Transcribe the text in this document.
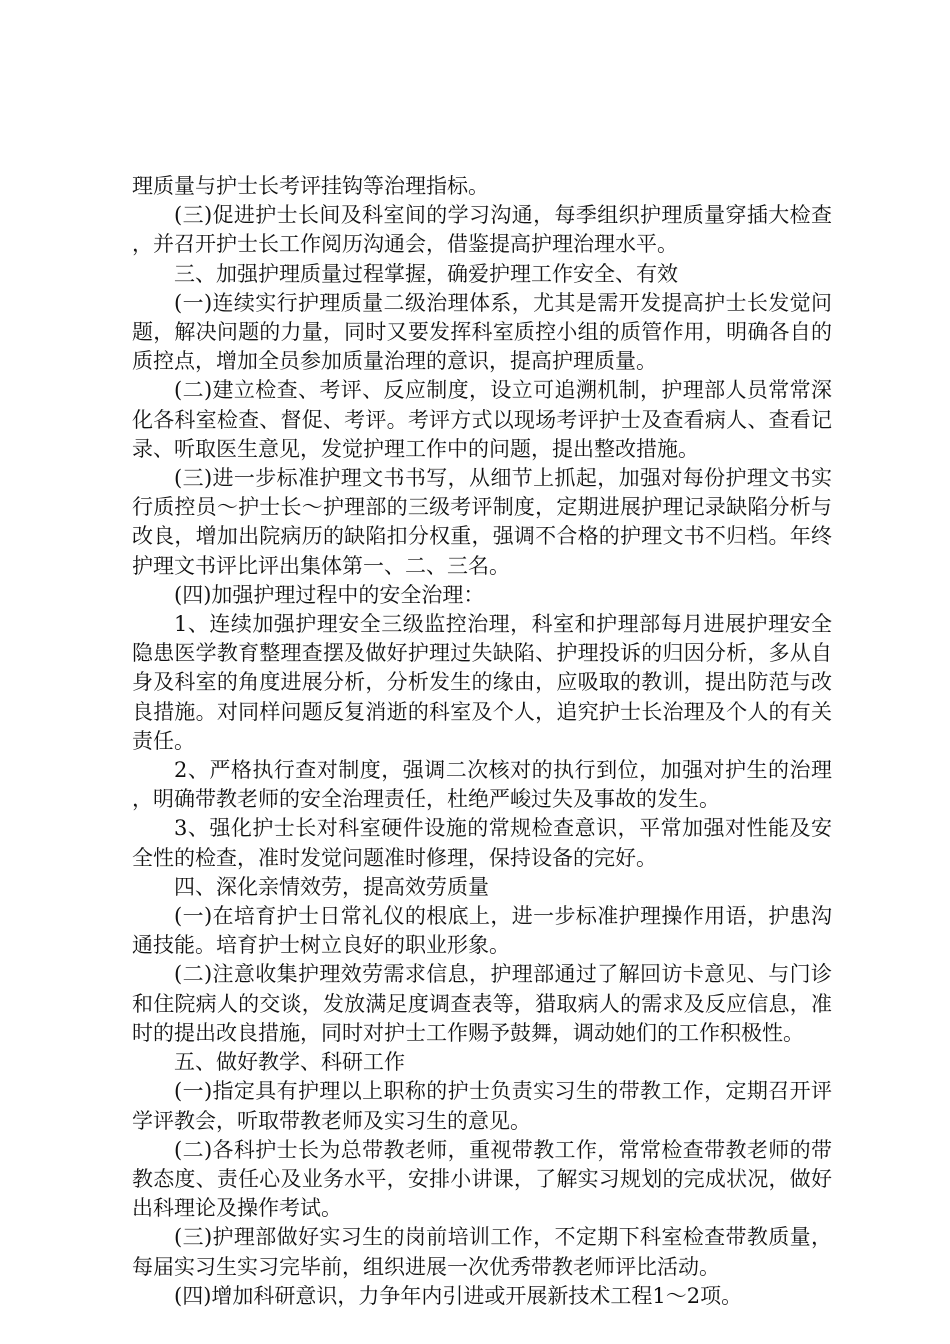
理质量与护士长考评挂钩等治理指标。

(三)促进护士长间及科室间的学习沟通，每季组织护理质量穿插大检查，并召开护士长工作阅历沟通会，借鉴提高护理治理水平。

三、加强护理质量过程掌握，确爱护理工作安全、有效

(一)连续实行护理质量二级治理体系，尤其是需开发提高护士长发觉问题，解决问题的力量，同时又要发挥科室质控小组的质管作用，明确各自的质控点，增加全员参加质量治理的意识，提高护理质量。

(二)建立检查、考评、反应制度，设立可追溯机制，护理部人员常常深化各科室检查、督促、考评。考评方式以现场考评护士及查看病人、查看记录、听取医生意见，发觉护理工作中的问题，提出整改措施。

(三)进一步标准护理文书书写，从细节上抓起，加强对每份护理文书实行质控员～护士长～护理部的三级考评制度，定期进展护理记录缺陷分析与改良，增加出院病历的缺陷扣分权重，强调不合格的护理文书不归档。年终护理文书评比评出集体第一、二、三名。

(四)加强护理过程中的安全治理：

1、连续加强护理安全三级监控治理，科室和护理部每月进展护理安全隐患医学教育整理查摆及做好护理过失缺陷、护理投诉的归因分析，多从自身及科室的角度进展分析，分析发生的缘由，应吸取的教训，提出防范与改良措施。对同样问题反复消逝的科室及个人，追究护士长治理及个人的有关责任。

2、严格执行查对制度，强调二次核对的执行到位，加强对护生的治理，明确带教老师的安全治理责任，杜绝严峻过失及事故的发生。

3、强化护士长对科室硬件设施的常规检查意识，平常加强对性能及安全性的检查，准时发觉问题准时修理，保持设备的完好。

四、深化亲情效劳，提高效劳质量

(一)在培育护士日常礼仪的根底上，进一步标准护理操作用语，护患沟通技能。培育护士树立良好的职业形象。

(二)注意收集护理效劳需求信息，护理部通过了解回访卡意见、与门诊和住院病人的交谈，发放满足度调查表等，猎取病人的需求及反应信息，准时的提出改良措施，同时对护士工作赐予鼓舞，调动她们的工作积极性。

五、做好教学、科研工作

(一)指定具有护理以上职称的护士负责实习生的带教工作，定期召开评学评教会，听取带教老师及实习生的意见。

(二)各科护士长为总带教老师，重视带教工作，常常检查带教老师的带教态度、责任心及业务水平，安排小讲课，了解实习规划的完成状况，做好出科理论及操作考试。

(三)护理部做好实习生的岗前培训工作，不定期下科室检查带教质量，每届实习生实习完毕前，组织进展一次优秀带教老师评比活动。

(四)增加科研意识，力争年内引进或开展新技术工程1～2项。
